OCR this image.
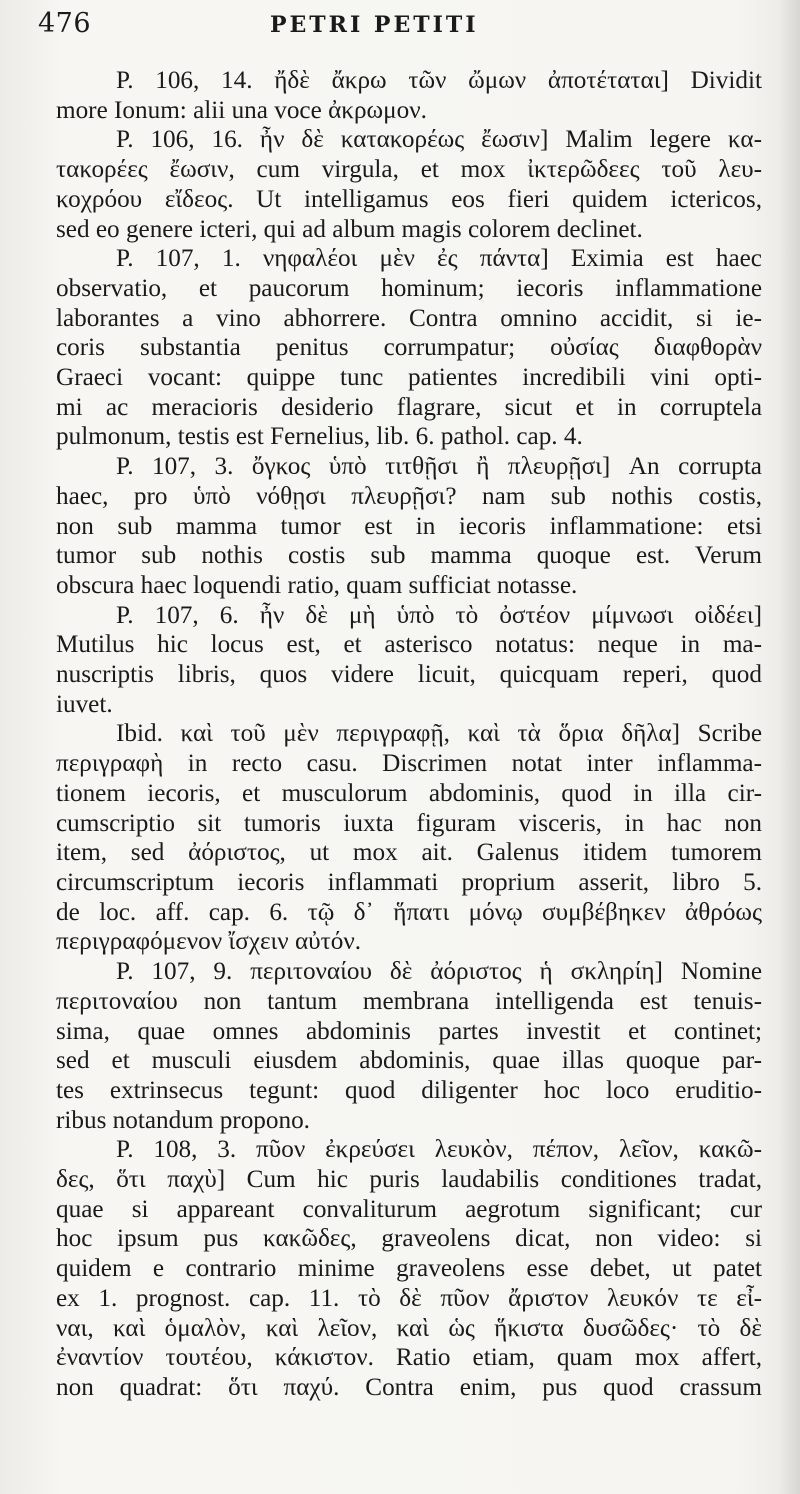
476	PETRI PETITI
P. 106, 14. ἤδὲ ἄκρω τῶν ὤμων ἀποτέταται] Dividit
more Ionum: alii una voce ἀκρωμον.
P. 106, 16. ἦν δὲ κατακορέως ἔωσιν] Malim legere κα-
τακορέες ἔωσιν, cum virgula, et mox ἰκτερῶδεες τοῦ λευ-
κοχρόου εἴδεος. Ut intelligamus eos fieri quidem ictericos,
sed eo genere icteri, qui ad album magis colorem declinet.
P. 107, 1. νηφαλέοι μὲν ἐς πάντα] Eximia est haec
observatio, et paucorum hominum; iecoris inflammatione
laborantes a vino abhorrere. Contra omnino accidit, si ie-
coris substantia penitus corrumpatur; οὐσίας διαφθορὰν
Graeci vocant: quippe tunc patientes incredibili vini opti-
mi ac meracioris desiderio flagrare, sicut et in corruptela
pulmonum, testis est Fernelius, lib. 6. pathol. cap. 4.
P. 107, 3. ὄγκος ὑπὸ τιτθῇσι ἢ πλευρῇσι] An corrupta
haec, pro ὑπὸ νόθῃσι πλευρῇσι? nam sub nothis costis,
non sub mamma tumor est in iecoris inflammatione: etsi
tumor sub nothis costis sub mamma quoque est. Verum
obscura haec loquendi ratio, quam sufficiat notasse.
P. 107, 6. ἦν δὲ μὴ ὑπὸ τὸ ὀστέον μίμνωσι οἰδέει]
Mutilus hic locus est, et asterisco notatus: neque in ma-
nuscriptis libris, quos videre licuit, quicquam reperi, quod
iuvet.
Ibid. καὶ τοῦ μὲν περιγραφῇ, καὶ τὰ ὅρια δῆλα] Scribe
περιγραφὴ in recto casu. Discrimen notat inter inflamma-
tionem iecoris, et musculorum abdominis, quod in illa cir-
cumscriptio sit tumoris iuxta figuram visceris, in hac non
item, sed ἀόριστος, ut mox ait. Galenus itidem tumorem
circumscriptum iecoris inflammati proprium asserit, libro 5.
de loc. aff. cap. 6. τῷ δ᾽ ἥπατι μόνῳ συμβέβηκεν ἀθρόως
περιγραφόμενον ἴσχειν αὐτόν.
P. 107, 9. περιτοναίου δὲ ἀόριστος ἡ σκληρίη] Nomine
περιτοναίου non tantum membrana intelligenda est tenuis-
sima, quae omnes abdominis partes investit et continet;
sed et musculi eiusdem abdominis, quae illas quoque par-
tes extrinsecus tegunt: quod diligenter hoc loco eruditio-
ribus notandum propono.
P. 108, 3. πῦον ἐκρεύσει λευκὸν, πέπον, λεῖον, κακῶ-
δες, ὅτι παχὺ] Cum hic puris laudabilis conditiones tradat,
quae si appareant convaliturum aegrotum significant; cur
hoc ipsum pus κακῶδες, graveolens dicat, non video: si
quidem e contrario minime graveolens esse debet, ut patet
ex 1. prognost. cap. 11. τὸ δὲ πῦον ἄριστον λευκόν τε εἶ-
ναι, καὶ ὁμαλὸν, καὶ λεῖον, καὶ ὡς ἥκιστα δυσῶδες· τὸ δὲ
ἐναντίον τουτέου, κάκιστον. Ratio etiam, quam mox affert,
non quadrat: ὅτι παχύ. Contra enim, pus quod crassum
